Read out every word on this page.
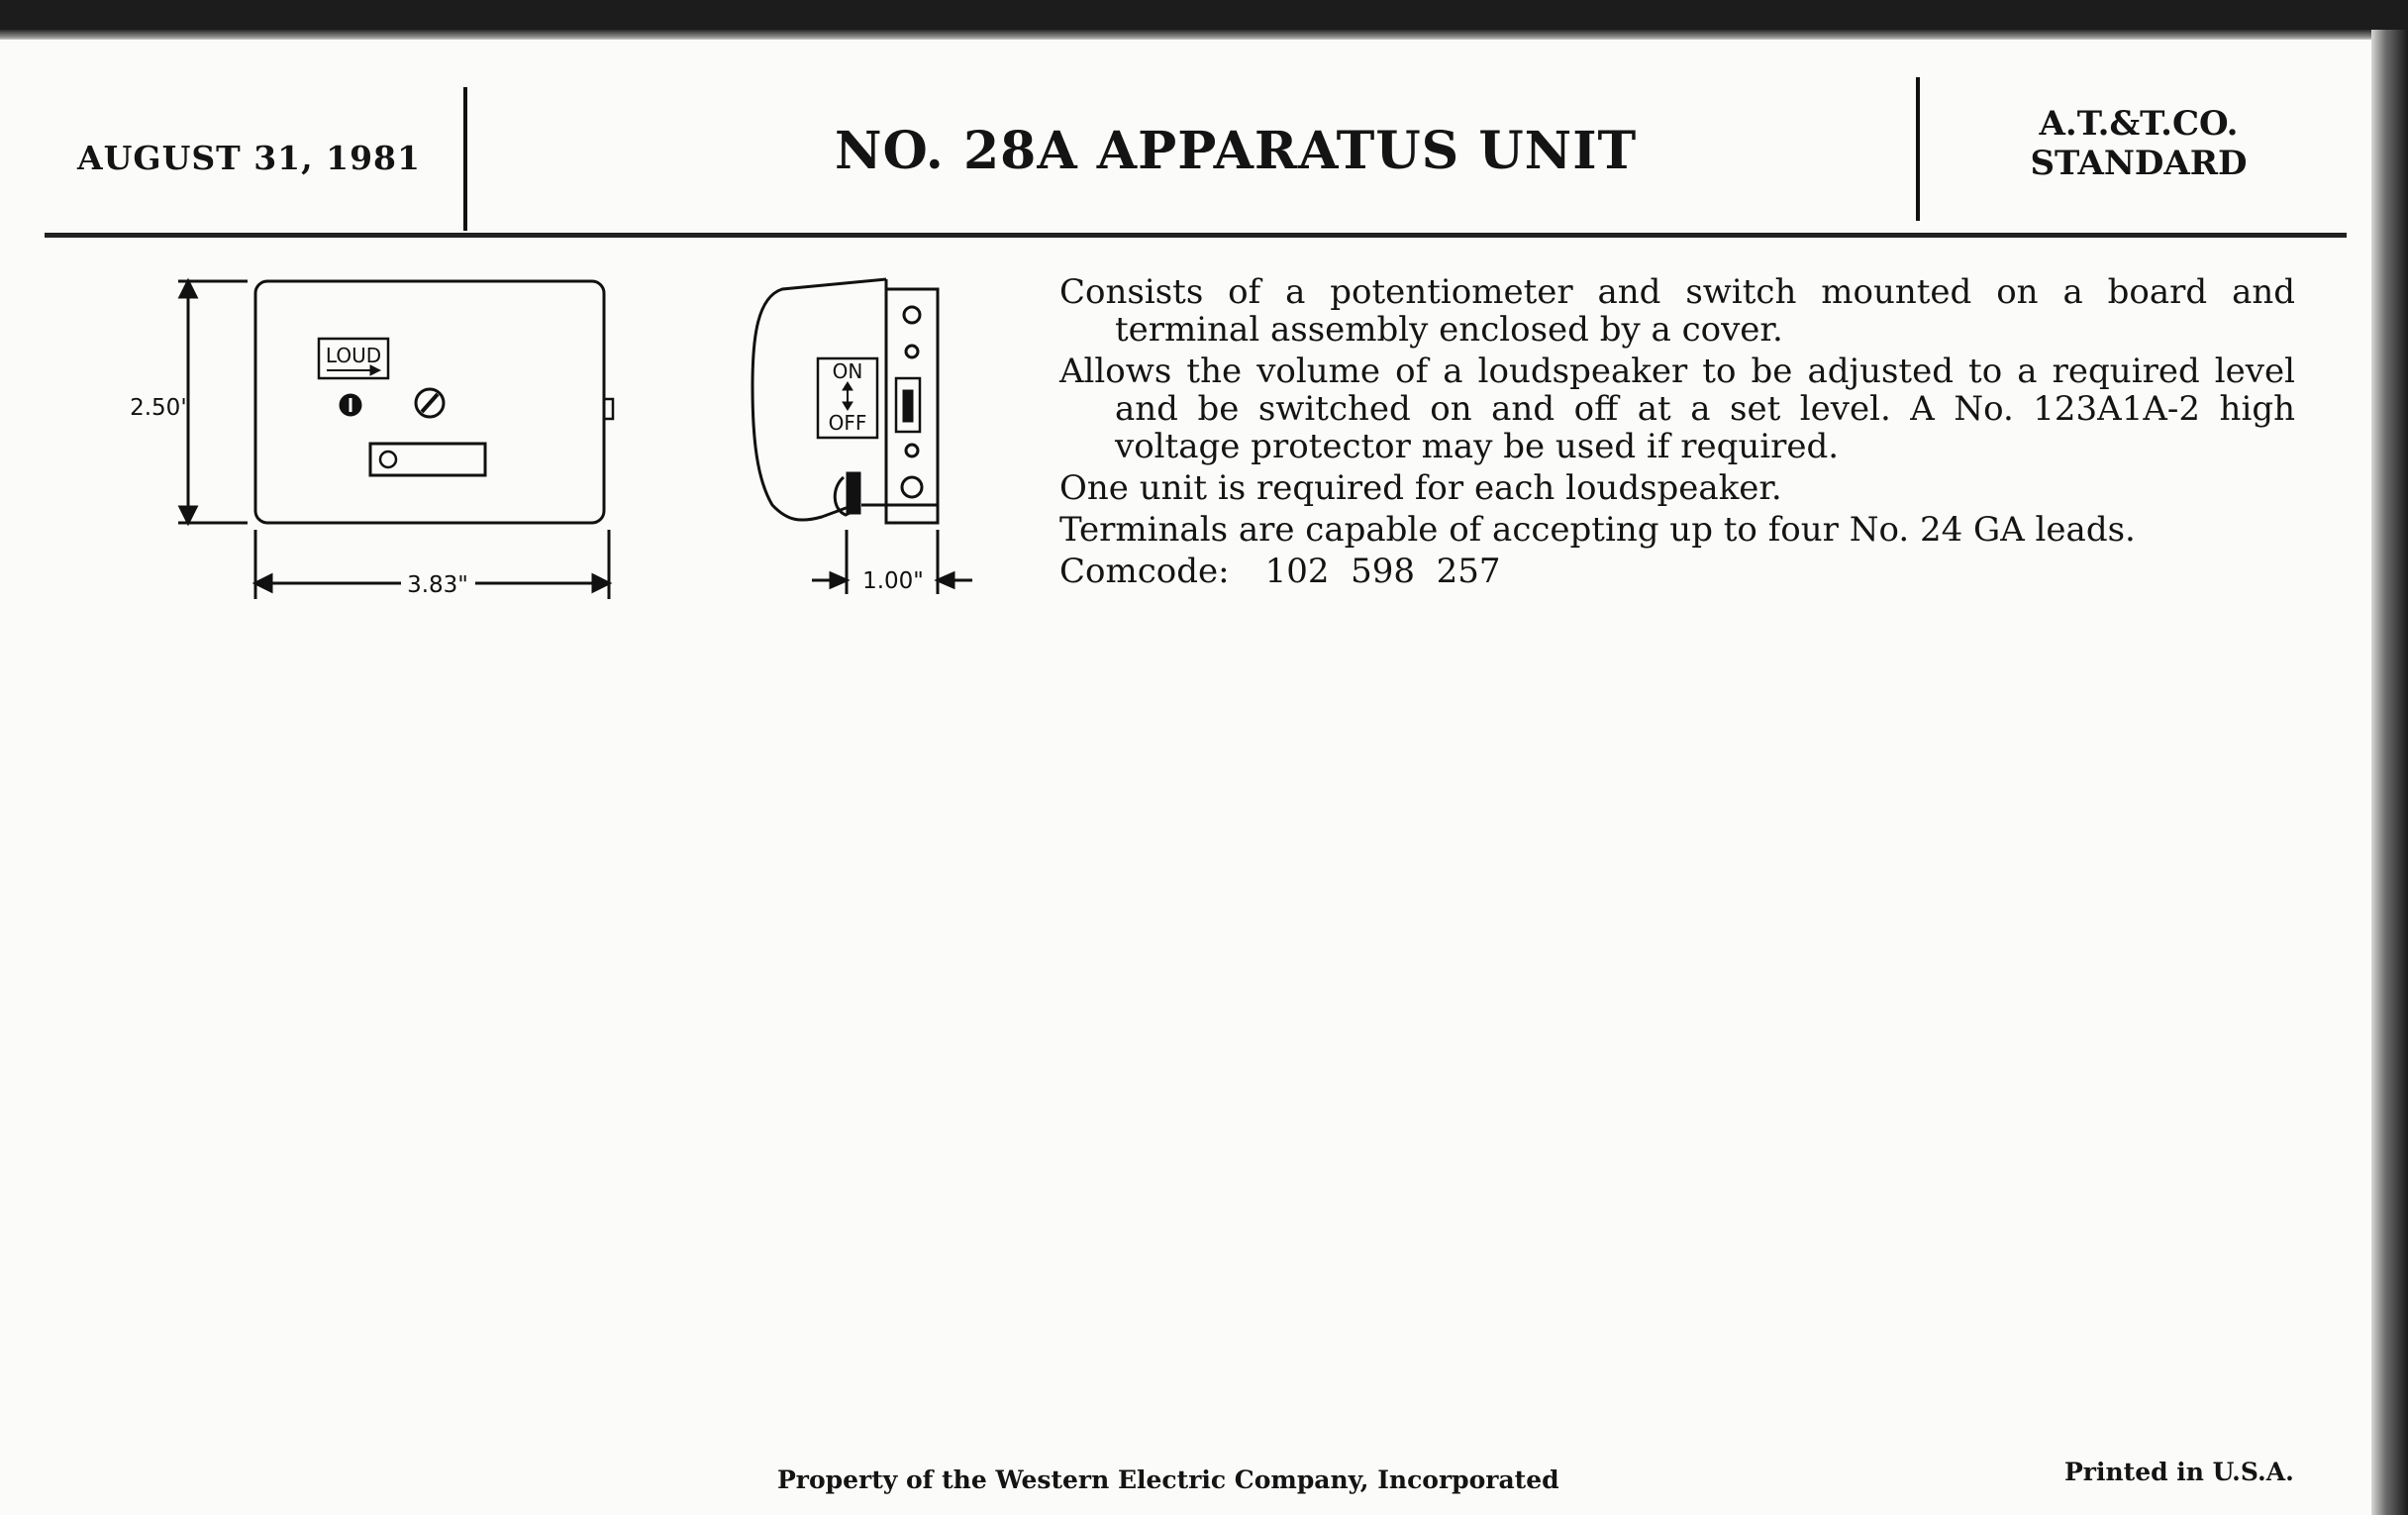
AUGUST 31, 1981	NO. 28A APPARATUS UNIT	A.T.&T.CO.
STANDARD
2.50"
3.83"
LOUD
ON
OFF
1.00"

Consists of a potentiometer and switch mounted on a board and terminal assembly enclosed by a cover.

Allows the volume of a loudspeaker to be adjusted to a required level and be switched on and off at a set level. A No. 123A1A-2 high voltage protector may be used if required.

One unit is required for each loudspeaker.

Terminals are capable of accepting up to four No. 24 GA leads.

Comcode: 102  598  257
Property of the Western Electric Company, Incorporated	Printed in U.S.A.
